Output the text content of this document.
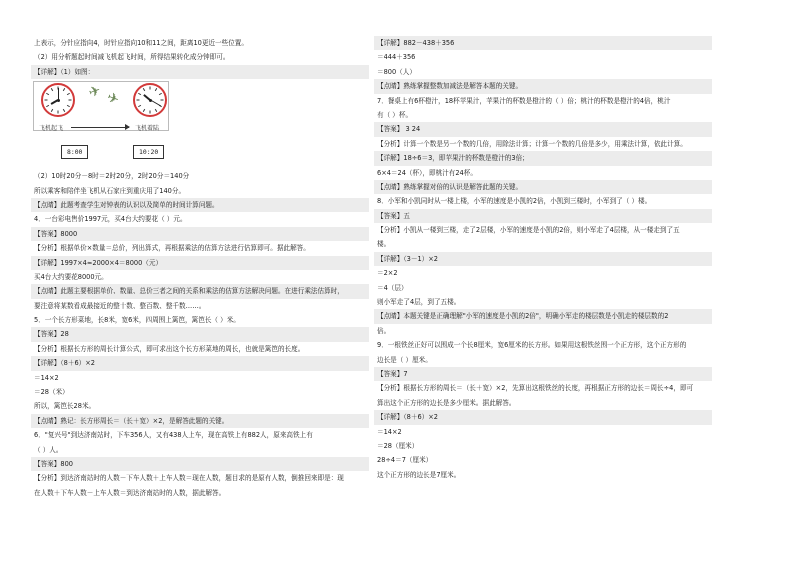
上表示，分针应指向4，时针应指向10和11之间，距离10更近一些位置。
（2）用分析题起时间减飞机起飞时间，所得结果转化成分钟即可。
【详解】（1）如图：
✈ ✈
飞机起飞	飞机着陆
8:00	10:20
（2）10时20分－8时＝2时20分，2时20分＝140分
所以乘客和陪伴坐飞机从石家庄到重庆用了140分。
【点睛】此题考查学生对钟表的认识以及简单的时间计算问题。
4．一台彩电售价1997元，买4台大约要花（ ）元。
【答案】8000
【分析】根据单价×数量＝总价，列出算式，再根据乘法的估算方法进行估算即可。据此解答。
【详解】1997×4≈2000×4＝8000（元）
买4台大约要花8000元。
【点睛】此题主要根据单价、数量、总价三者之间的关系和乘法的估算方法解决问题。在进行乘法估算时，
要注意将某数看成最接近的整十数、整百数、整千数……。
5．一个长方形菜地，长8米，宽6米，四周围上篱笆，篱笆长（ ）米。
【答案】28
【分析】根据长方形的周长计算公式，即可求出这个长方形菜地的周长，也就是篱笆的长度。
【详解】（8＋6）×2
＝14×2
＝28（米）
所以，篱笆长28米。
【点睛】熟记：长方形周长＝（长＋宽）×2，是解答此题的关键。
6．"复兴号"到达济南站时，下车356人，又有438人上车，现在高铁上有882人，原来高铁上有
（ ）人。
【答案】800
【分析】到达济南站时的人数－下车人数＋上车人数＝现在人数，题目求的是原有人数，倒推回来即是：现
在人数＋下车人数－上车人数＝到达济南站时的人数，据此解答。
【详解】882－438＋356
＝444＋356
＝800（人）
【点睛】熟练掌握整数加减法是解答本题的关键。
7．餐桌上有6杯橙汁，18杯苹果汁，苹果汁的杯数是橙汁的（ ）倍；桃汁的杯数是橙汁的4倍，桃汁
有（ ）杯。
【答案】 3 24
【分析】计算一个数是另一个数的几倍，用除法计算；计算一个数的几倍是多少，用乘法计算，依此计算。
【详解】18÷6＝3，即苹果汁的杯数是橙汁的3倍；
6×4＝24（杯），即桃汁有24杯。
【点睛】熟练掌握对倍的认识是解答此题的关键。
8．小军和小凯同时从一楼上楼，小军的速度是小凯的2倍，小凯到三楼时，小军到了（ ）楼。
【答案】五
【分析】小凯从一楼到三楼，走了2层楼，小军的速度是小凯的2倍，则小军走了4层楼，从一楼走到了五
楼。
【详解】（3－1）×2
＝2×2
＝4（层）
则小军走了4层，到了五楼。
【点睛】本题关键是正确理解"小军的速度是小凯的2倍"，明确小军走的楼层数是小凯走的楼层数的2
倍。
9．一根铁丝正好可以围成一个长8厘米，宽6厘米的长方形。如果用这根铁丝围一个正方形，这个正方形的
边长是（ ）厘米。
【答案】7
【分析】根据长方形的周长＝（长＋宽）×2，先算出这根铁丝的长度，再根据正方形的边长＝周长÷4，即可
算出这个正方形的边长是多少厘米。据此解答。
【详解】（8＋6）×2
＝14×2
＝28（厘米）
28÷4＝7（厘米）
这个正方形的边长是7厘米。
